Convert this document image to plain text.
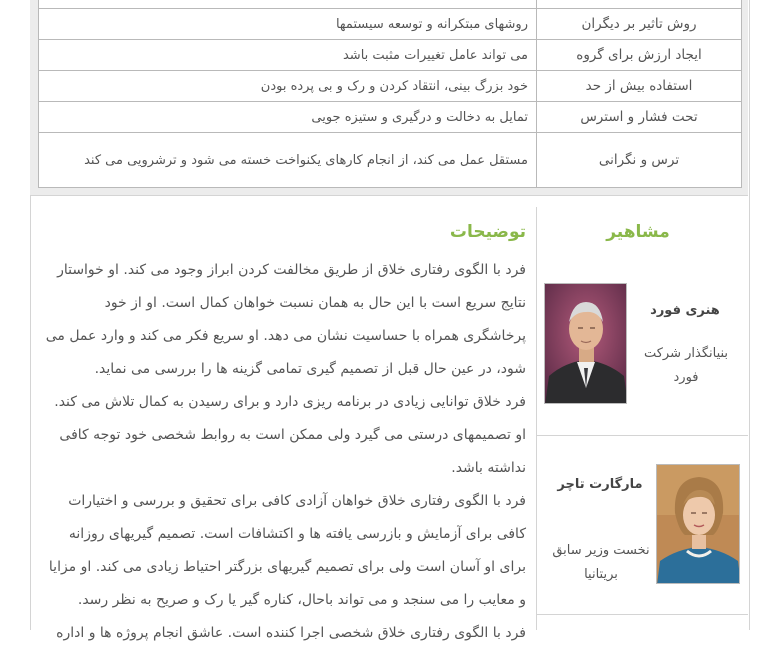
روش تاثیر بر دیگران	روشهای مبتکرانه و توسعه سیستمها
ایجاد ارزش برای گروه	می تواند عامل تغییرات مثبت باشد
استفاده بیش از حد	خود بزرگ بینی، انتقاد کردن و رک و بی پرده بودن
تحت فشار و استرس	تمایل به دخالت و درگیری و ستیزه جویی
ترس و نگرانی	مستقل عمل می کند، از انجام کارهای یکنواخت خسته می شود و ترشرویی می کند
مشاهیر
توضیحات
هنری فورد
بنیانگذار شرکت فورد
مارگارت تاچر
نخست وزیر سابق بریتانیا

فرد با الگوی رفتاری خلاق از طریق مخالفت کردن ابراز وجود می کند. او خواستار نتایج سریع است با این حال به همان نسبت خواهان کمال است. او از خود پرخاشگری همراه با حساسیت نشان می دهد. او سریع فکر می کند و وارد عمل می شود، در عین حال قبل از تصمیم گیری تمامی گزینه ها را بررسی می نماید.

فرد خلاق توانایی زیادی در برنامه ریزی دارد و برای رسیدن به کمال تلاش می کند. او تصمیمهای درستی می گیرد ولی ممکن است به روابط شخصی خود توجه کافی نداشته باشد.

فرد با الگوی رفتاری خلاق خواهان آزادی کافی برای تحقیق و بررسی و اختیارات کافی برای آزمایش و بازرسی یافته ها و اکتشافات است. تصمیم گیریهای روزانه برای او آسان است ولی برای تصمیم گیریهای بزرگتر احتیاط زیادی می کند. او مزایا و معایب را می سنجد و می تواند باحال، کناره گیر یا رک و صریح به نظر رسد.

فرد با الگوی رفتاری خلاق شخصی اجرا کننده است. عاشق انجام پروژه ها و اداره
